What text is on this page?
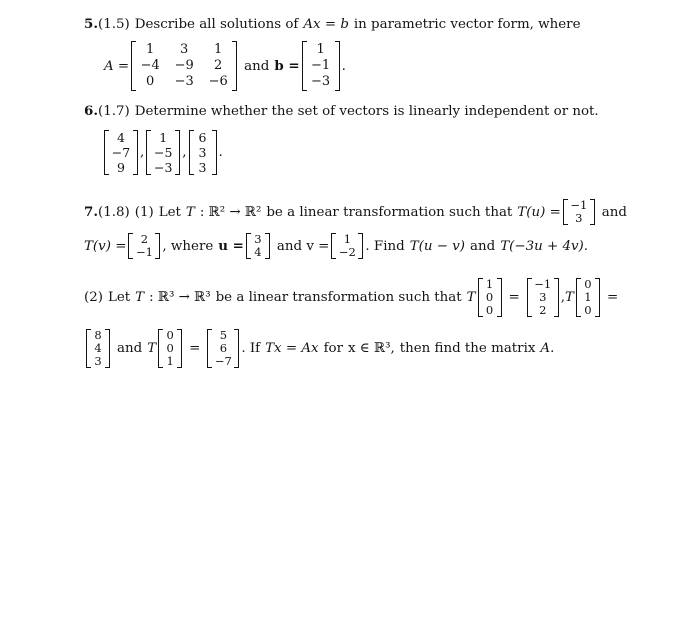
5. (1.5) Describe all solutions of Ax = b in parametric vector form, where
A =
1	3	1
−4 −9	2
0	−3 −6
and b =
1
−1
−3
.
6. (1.7) Determine whether the set of vectors is linearly independent or not.
4
−7
9
,
1
−5
−3
,
6
3
3
.
7. (1.8) (1) Let T : ℝ² → ℝ² be a linear transformation such that T(u) = −1
3	and
T(v) =	2
−1 , where u = 3
4 and v =	1
−2 . Find T(u − v) and T(−3u + 4v).
(2) Let T : ℝ³ → ℝ³ be a linear transformation such that T
1
0
0
=
−1
3
2
, T
0
1
0
=
8
4
3
and T
0
0
1
=
5
6
−7
. If Tx = Ax for x ∈ ℝ³, then find the matrix A.
